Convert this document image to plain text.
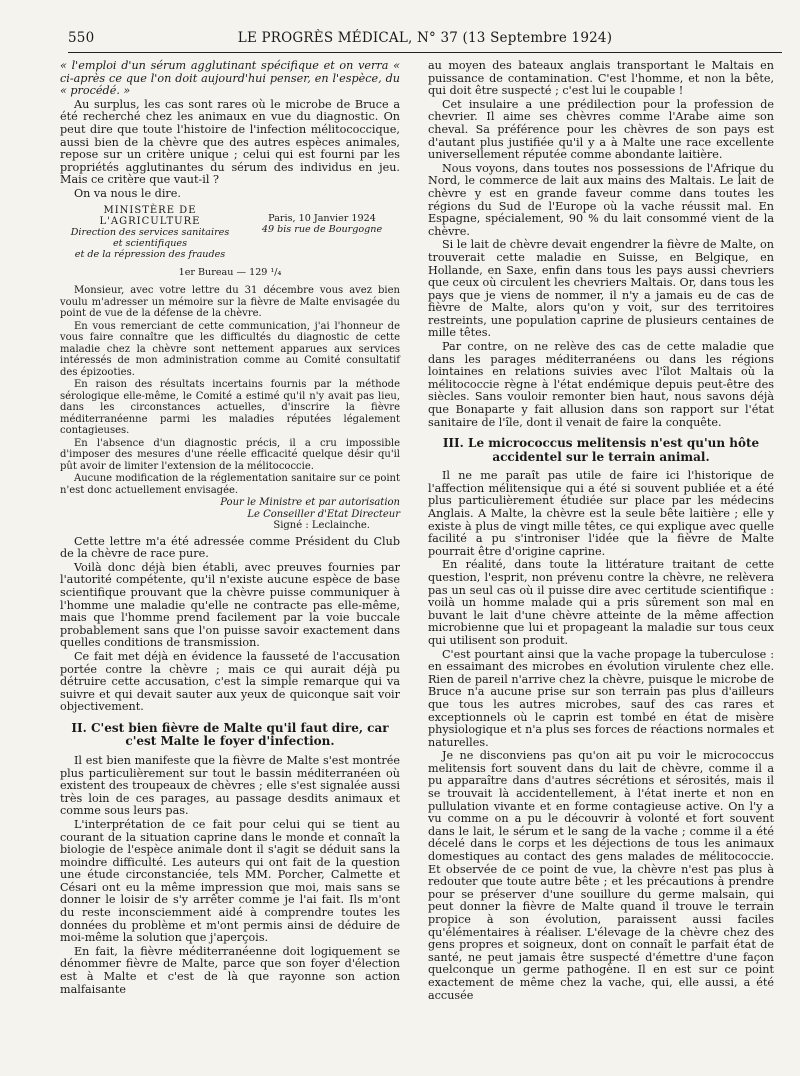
550	LE PROGRÈS MÉDICAL, N° 37 (13 Septembre 1924)

« l'emploi d'un sérum agglutinant spécifique et on verra « ci-après ce que l'on doit aujourd'hui penser, en l'espèce, du « procédé. »

Au surplus, les cas sont rares où le microbe de Bruce a été recherché chez les animaux en vue du diagnostic. On peut dire que toute l'histoire de l'infection mélitococcique, aussi bien de la chèvre que des autres espèces animales, repose sur un critère unique ; celui qui est fourni par les propriétés agglutinantes du sérum des individus en jeu. Mais ce critère que vaut-il ?

On va nous le dire.

MINISTÈRE DE L'AGRICULTURE
Direction des services sanitaires
et scientifiques
et de la répression des fraudes
Paris, 10 Janvier 1924
49 bis rue de Bourgogne
1er Bureau — 129 ¹/₄

Monsieur, avec votre lettre du 31 décembre vous avez bien voulu m'adresser un mémoire sur la fièvre de Malte envisagée du point de vue de la défense de la chèvre.

En vous remerciant de cette communication, j'ai l'honneur de vous faire connaître que les difficultés du diagnostic de cette maladie chez la chèvre sont nettement apparues aux services intéressés de mon administration comme au Comité consultatif des épizooties.

En raison des résultats incertains fournis par la méthode sérologique elle-même, le Comité a estimé qu'il n'y avait pas lieu, dans les circonstances actuelles, d'inscrire la fièvre méditerranéenne parmi les maladies réputées légalement contagieuses.

En l'absence d'un diagnostic précis, il a cru impossible d'imposer des mesures d'une réelle efficacité quelque désir qu'il pût avoir de limiter l'extension de la mélitococcie.

Aucune modification de la réglementation sanitaire sur ce point n'est donc actuellement envisagée.

Pour le Ministre et par autorisation
Le Conseiller d'Etat Directeur
Signé : Leclainche.

Cette lettre m'a été adressée comme Président du Club de la chèvre de race pure.

Voilà donc déjà bien établi, avec preuves fournies par l'autorité compétente, qu'il n'existe aucune espèce de base scientifique prouvant que la chèvre puisse communiquer à l'homme une maladie qu'elle ne contracte pas elle-même, mais que l'homme prend facilement par la voie buccale probablement sans que l'on puisse savoir exactement dans quelles conditions de transmission.

Ce fait met déjà en évidence la fausseté de l'accusation portée contre la chèvre ; mais ce qui aurait déjà pu détruire cette accusation, c'est la simple remarque qui va suivre et qui devait sauter aux yeux de quiconque sait voir objectivement.

II. C'est bien fièvre de Malte qu'il faut dire, car c'est Malte le foyer d'infection.

Il est bien manifeste que la fièvre de Malte s'est montrée plus particulièrement sur tout le bassin méditerranéen où existent des troupeaux de chèvres ; elle s'est signalée aussi très loin de ces parages, au passage desdits animaux et comme sous leurs pas.

L'interprétation de ce fait pour celui qui se tient au courant de la situation caprine dans le monde et connaît la biologie de l'espèce animale dont il s'agit se déduit sans la moindre difficulté. Les auteurs qui ont fait de la question une étude circonstanciée, tels MM. Porcher, Calmette et Césari ont eu la même impression que moi, mais sans se donner le loisir de s'y arrêter comme je l'ai fait. Ils m'ont du reste inconsciemment aidé à comprendre toutes les données du problème et m'ont permis ainsi de déduire de moi-même la solution que j'aperçois.

En fait, la fièvre méditerranéenne doit logiquement se dénommer fièvre de Malte, parce que son foyer d'élection est à Malte et c'est de là que rayonne son action malfaisante

au moyen des bateaux anglais transportant le Maltais en puissance de contamination. C'est l'homme, et non la bête, qui doit être suspecté ; c'est lui le coupable !

Cet insulaire a une prédilection pour la profession de chevrier. Il aime ses chèvres comme l'Arabe aime son cheval. Sa préférence pour les chèvres de son pays est d'autant plus justifiée qu'il y a à Malte une race excellente universellement réputée comme abondante laitière.

Nous voyons, dans toutes nos possessions de l'Afrique du Nord, le commerce de lait aux mains des Maltais. Le lait de chèvre y est en grande faveur comme dans toutes les régions du Sud de l'Europe où la vache réussit mal. En Espagne, spécialement, 90 % du lait consommé vient de la chèvre.

Si le lait de chèvre devait engendrer la fièvre de Malte, on trouverait cette maladie en Suisse, en Belgique, en Hollande, en Saxe, enfin dans tous les pays aussi chevriers que ceux où circulent les chevriers Maltais. Or, dans tous les pays que je viens de nommer, il n'y a jamais eu de cas de fièvre de Malte, alors qu'on y voit, sur des territoires restreints, une population caprine de plusieurs centaines de mille têtes.

Par contre, on ne relève des cas de cette maladie que dans les parages méditerranéens ou dans les régions lointaines en relations suivies avec l'îlot Maltais où la mélitococcie règne à l'état endémique depuis peut-être des siècles. Sans vouloir remonter bien haut, nous savons déjà que Bonaparte y fait allusion dans son rapport sur l'état sanitaire de l'île, dont il venait de faire la conquête.

III. Le micrococcus melitensis n'est qu'un hôte accidentel sur le terrain animal.

Il ne me paraît pas utile de faire ici l'historique de l'affection mélitensique qui a été si souvent publiée et a été plus particulièrement étudiée sur place par les médecins Anglais. A Malte, la chèvre est la seule bête laitière ; elle y existe à plus de vingt mille têtes, ce qui explique avec quelle facilité a pu s'introniser l'idée que la fièvre de Malte pourrait être d'origine caprine.

En réalité, dans toute la littérature traitant de cette question, l'esprit, non prévenu contre la chèvre, ne relèvera pas un seul cas où il puisse dire avec certitude scientifique : voilà un homme malade qui a pris sûrement son mal en buvant le lait d'une chèvre atteinte de la même affection microbienne que lui et propageant la maladie sur tous ceux qui utilisent son produit.

C'est pourtant ainsi que la vache propage la tuberculose : en essaimant des microbes en évolution virulente chez elle. Rien de pareil n'arrive chez la chèvre, puisque le microbe de Bruce n'a aucune prise sur son terrain pas plus d'ailleurs que tous les autres microbes, sauf des cas rares et exceptionnels où le caprin est tombé en état de misère physiologique et n'a plus ses forces de réactions normales et naturelles.

Je ne disconviens pas qu'on ait pu voir le micrococcus melitensis fort souvent dans du lait de chèvre, comme il a pu apparaître dans d'autres sécrétions et sérosités, mais il se trouvait là accidentellement, à l'état inerte et non en pullulation vivante et en forme contagieuse active. On l'y a vu comme on a pu le découvrir à volonté et fort souvent dans le lait, le sérum et le sang de la vache ; comme il a été décelé dans le corps et les déjections de tous les animaux domestiques au contact des gens malades de mélitococcie. Et observée de ce point de vue, la chèvre n'est pas plus à redouter que toute autre bête ; et les précautions à prendre pour se préserver d'une souillure du germe malsain, qui peut donner la fièvre de Malte quand il trouve le terrain propice à son évolution, paraissent aussi faciles qu'élémentaires à réaliser. L'élevage de la chèvre chez des gens propres et soigneux, dont on connaît le parfait état de santé, ne peut jamais être suspecté d'émettre d'une façon quelconque un germe pathogène. Il en est sur ce point exactement de même chez la vache, qui, elle aussi, a été accusée
